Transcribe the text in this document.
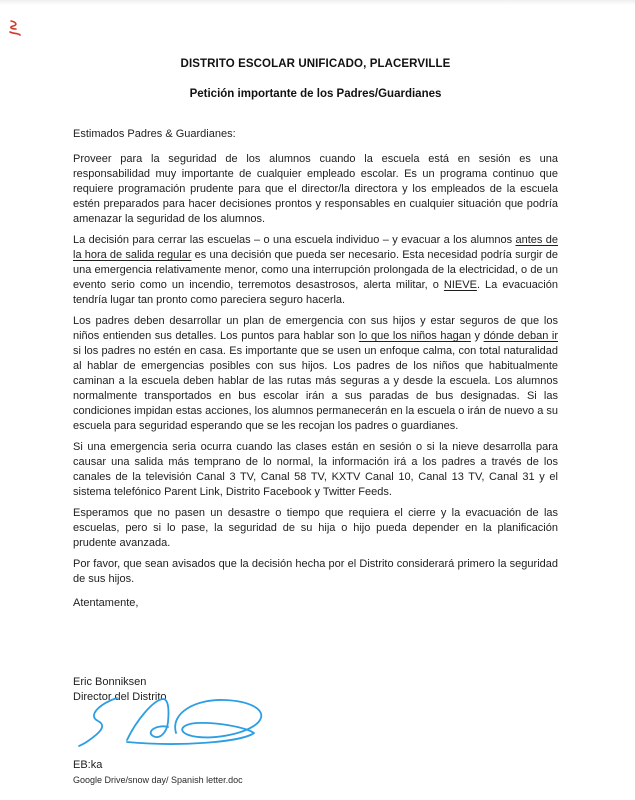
DISTRITO ESCOLAR UNIFICADO, PLACERVILLE
Petición importante de los Padres/Guardianes

Estimados Padres & Guardianes:

Proveer para la seguridad de los alumnos cuando la escuela está en sesión es una responsabilidad muy importante de cualquier empleado escolar. Es un programa continuo que requiere programación prudente para que el director/la directora y los empleados de la escuela estén preparados para hacer decisiones prontos y responsables en cualquier situación que podría amenazar la seguridad de los alumnos.

La decisión para cerrar las escuelas – o una escuela individuo – y evacuar a los alumnos antes de la hora de salida regular es una decisión que pueda ser necesario. Esta necesidad podría surgir de una emergencia relativamente menor, como una interrupción prolongada de la electricidad, o de un evento serio como un incendio, terremotos desastrosos, alerta militar, o NIEVE. La evacuación tendría lugar tan pronto como pareciera seguro hacerla.

Los padres deben desarrollar un plan de emergencia con sus hijos y estar seguros de que los niños entienden sus detalles. Los puntos para hablar son lo que los niños hagan y dónde deban ir si los padres no estén en casa. Es importante que se usen un enfoque calma, con total naturalidad al hablar de emergencias posibles con sus hijos. Los padres de los niños que habitualmente caminan a la escuela deben hablar de las rutas más seguras a y desde la escuela. Los alumnos normalmente transportados en bus escolar irán a sus paradas de bus designadas. Si las condiciones impidan estas acciones, los alumnos permanecerán en la escuela o irán de nuevo a su escuela para seguridad esperando que se les recojan los padres o guardianes.

Si una emergencia seria ocurra cuando las clases están en sesión o si la nieve desarrolla para causar una salida más temprano de lo normal, la información irá a los padres a través de los canales de la televisión Canal 3 TV, Canal 58 TV, KXTV Canal 10, Canal 13 TV, Canal 31 y el sistema telefónico Parent Link, Distrito Facebook y Twitter Feeds.

Esperamos que no pasen un desastre o tiempo que requiera el cierre y la evacuación de las escuelas, pero si lo pase, la seguridad de su hija o hijo pueda depender en la planificación prudente avanzada.

Por favor, que sean avisados que la decisión hecha por el Distrito considerará primero la seguridad de sus hijos.

Atentamente,

Eric Bonniksen
Director del Distrito
EB:ka
Google Drive/snow day/ Spanish letter.doc
